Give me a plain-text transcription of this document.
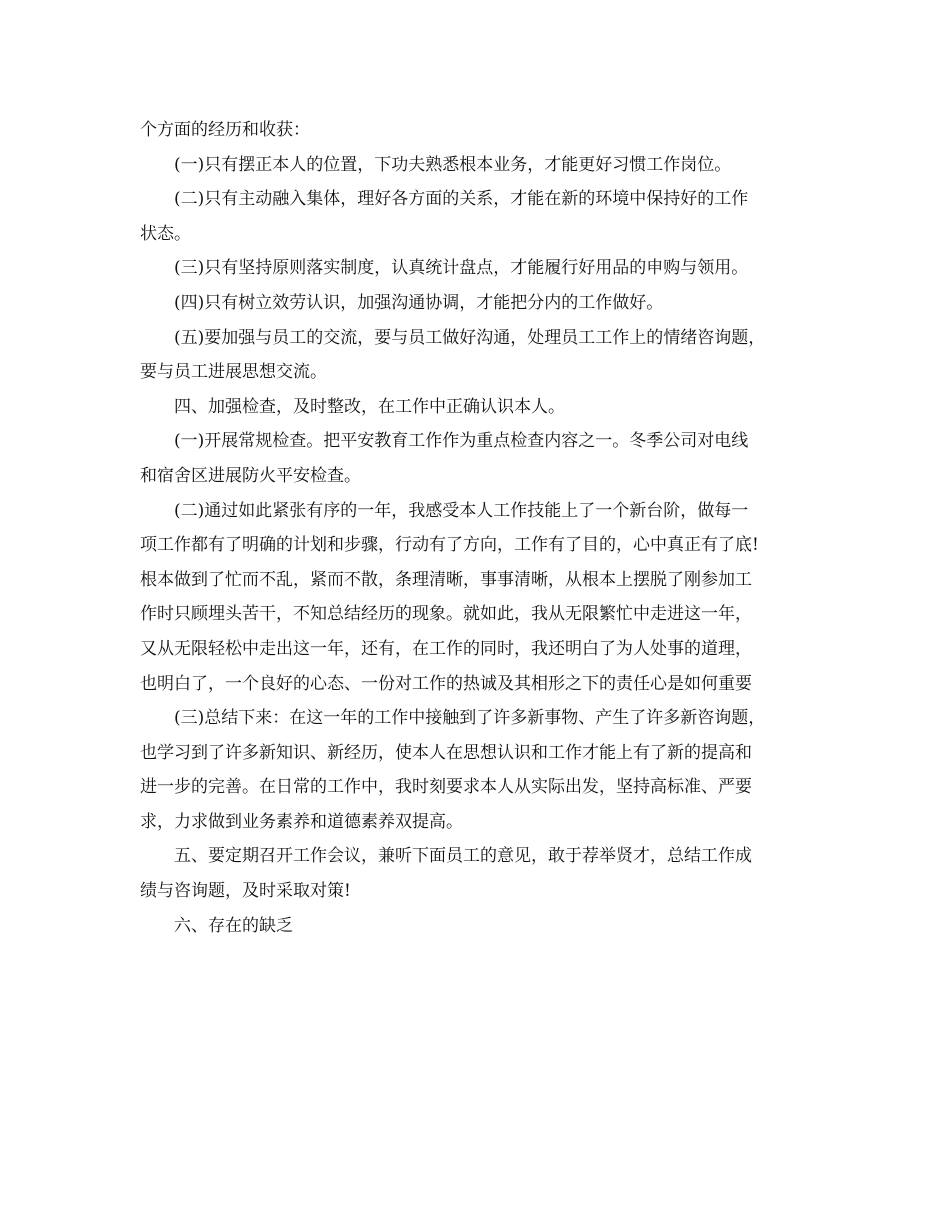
个方面的经历和收获：
(一)只有摆正本人的位置，下功夫熟悉根本业务，才能更好习惯工作岗位。
(二)只有主动融入集体，理好各方面的关系，才能在新的环境中保持好的工作
状态。
(三)只有坚持原则落实制度，认真统计盘点，才能履行好用品的申购与领用。
(四)只有树立效劳认识，加强沟通协调，才能把分内的工作做好。
(五)要加强与员工的交流，要与员工做好沟通，处理员工工作上的情绪咨询题，
要与员工进展思想交流。
四、加强检查，及时整改，在工作中正确认识本人。
(一)开展常规检查。把平安教育工作作为重点检查内容之一。冬季公司对电线
和宿舍区进展防火平安检查。
(二)通过如此紧张有序的一年，我感受本人工作技能上了一个新台阶，做每一
项工作都有了明确的计划和步骤，行动有了方向，工作有了目的，心中真正有了底!
根本做到了忙而不乱，紧而不散，条理清晰，事事清晰，从根本上摆脱了刚参加工
作时只顾埋头苦干，不知总结经历的现象。就如此，我从无限繁忙中走进这一年，
又从无限轻松中走出这一年，还有，在工作的同时，我还明白了为人处事的道理，
也明白了，一个良好的心态、一份对工作的热诚及其相形之下的责任心是如何重要
(三)总结下来：在这一年的工作中接触到了许多新事物、产生了许多新咨询题，
也学习到了许多新知识、新经历，使本人在思想认识和工作才能上有了新的提高和
进一步的完善。在日常的工作中，我时刻要求本人从实际出发，坚持高标准、严要
求，力求做到业务素养和道德素养双提高。
五、要定期召开工作会议，兼听下面员工的意见，敢于荐举贤才，总结工作成
绩与咨询题，及时采取对策!
六、存在的缺乏
